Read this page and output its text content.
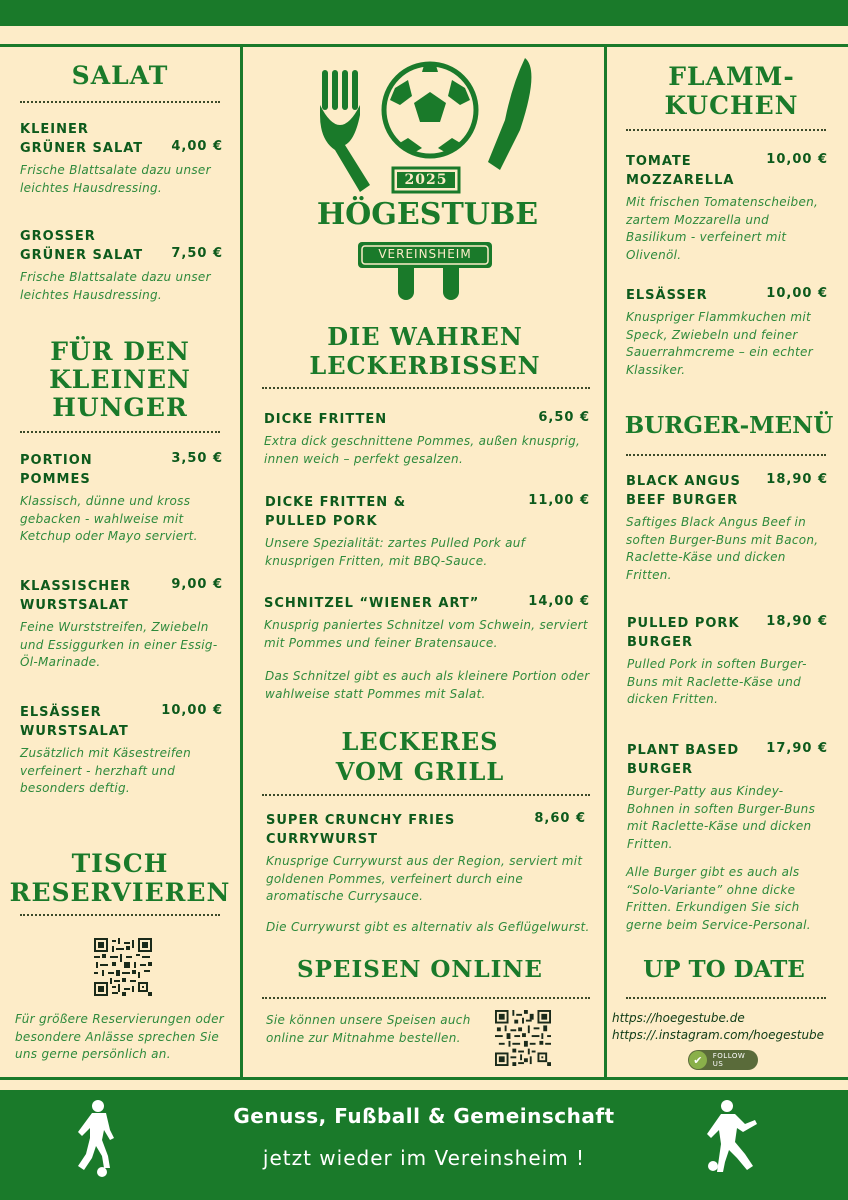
SALAT
KLEINER
GRÜNER SALAT	4,00 €
Frische Blattsalate dazu unser leichtes Hausdressing.
GROSSER
GRÜNER SALAT	7,50 €
Frische Blattsalate dazu unser leichtes Hausdressing.
FÜR DEN
KLEINEN
HUNGER
PORTION
POMMES
3,50 €
Klassisch, dünne und kross gebacken - wahlweise mit Ketchup oder Mayo serviert.
KLASSISCHER
WURSTSALAT
9,00 €
Feine Wurststreifen, Zwiebeln und Essiggurken in einer Essig-Öl-Marinade.
ELSÄSSER
WURSTSALAT
10,00 €
Zusätzlich mit Käsestreifen verfeinert - herzhaft und besonders deftig.
TISCH
RESERVIEREN
Für größere Reservierungen oder besondere Anlässe sprechen Sie uns gerne persönlich an.
2025
HÖGESTUBE
VEREINSHEIM
DIE WAHREN
LECKERBISSEN
DICKE FRITTEN	6,50 €
Extra dick geschnittene Pommes, außen knusprig, innen weich – perfekt gesalzen.
DICKE FRITTEN &
PULLED PORK
11,00 €
Unsere Spezialität: zartes Pulled Pork auf knusprigen Fritten, mit BBQ-Sauce.
SCHNITZEL “WIENER ART”	14,00 €
Knusprig paniertes Schnitzel vom Schwein, serviert mit Pommes und feiner Bratensauce.
Das Schnitzel gibt es auch als kleinere Portion oder wahlweise statt Pommes mit Salat.
LECKERES
VOM GRILL
SUPER CRUNCHY FRIES
CURRYWURST
8,60 €
Knusprige Currywurst aus der Region, serviert mit goldenen Pommes, verfeinert durch eine aromatische Currysauce.
Die Currywurst gibt es alternativ als Geflügelwurst.
SPEISEN ONLINE
Sie können unsere Speisen auch online zur Mitnahme bestellen.
FLAMM-
KUCHEN
TOMATE
MOZZARELLA
10,00 €
Mit frischen Tomatenscheiben, zartem Mozzarella und Basilikum - verfeinert mit Olivenöl.
ELSÄSSER	10,00 €
Knuspriger Flammkuchen mit Speck, Zwiebeln und feiner Sauerrahmcreme – ein echter Klassiker.
BURGER-MENÜ
BLACK ANGUS
BEEF BURGER
18,90 €
Saftiges Black Angus Beef in soften Burger-Buns mit Bacon, Raclette-Käse und dicken Fritten.
PULLED PORK
BURGER
18,90 €
Pulled Pork in soften Burger-Buns mit Raclette-Käse und dicken Fritten.
PLANT BASED
BURGER
17,90 €
Burger-Patty aus Kindey-Bohnen in soften Burger-Buns mit Raclette-Käse und dicken Fritten.
Alle Burger gibt es auch als “Solo-Variante” ohne dicke Fritten. Erkundigen Sie sich gerne beim Service-Personal.
UP TO DATE
https://hoegestube.de
https://.instagram.com/hoegestube
✔	FOLLOW US
Genuss, Fußball & Gemeinschaft
jetzt wieder im Vereinsheim !
